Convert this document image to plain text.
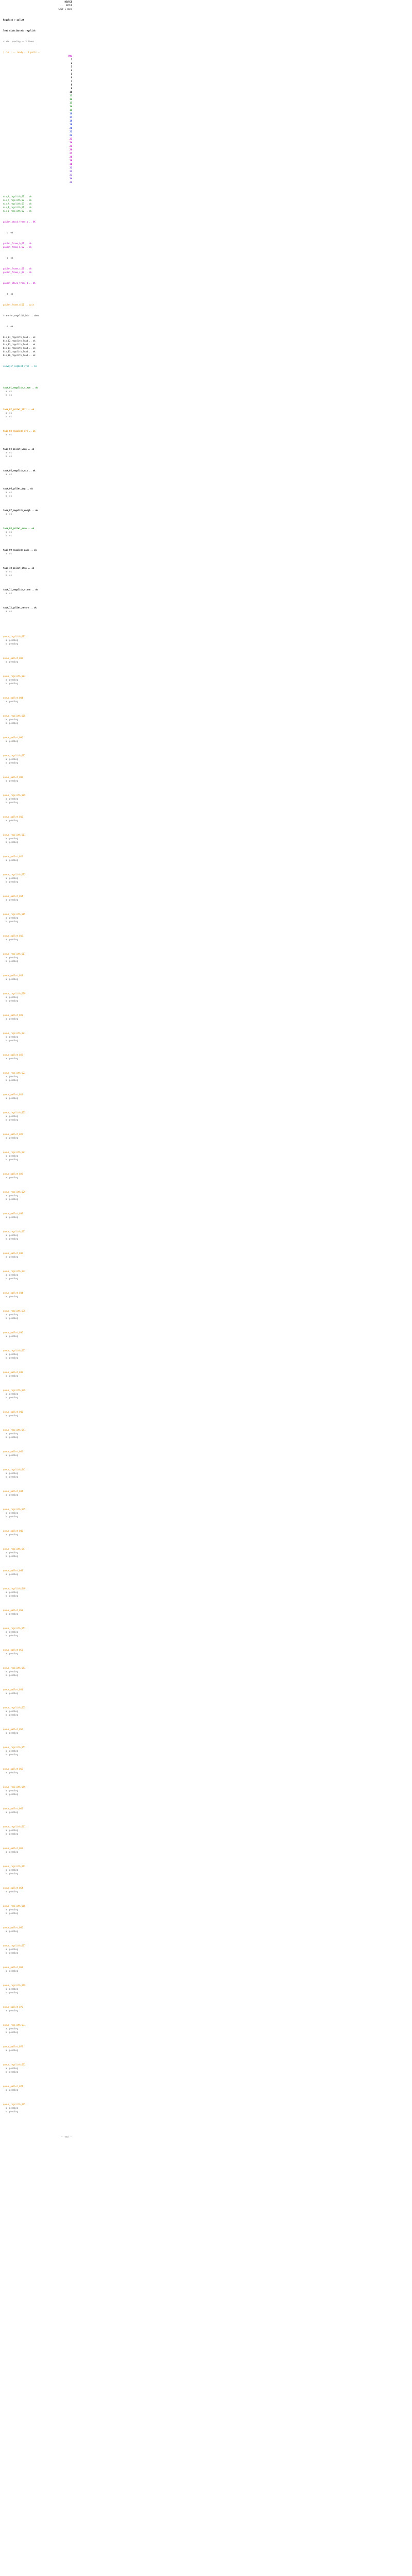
DEVICE
SETUP
STEP 1 done
Regolith + pallet
load distributed: regolith
state: pending -- 3 items
[ run ] -- ready -- 2 parts --
Qty
1
2
3
4
5
6
7
8
9
10
11
12
13
14
15
16
17
18
19
20
21
22
23
24
25
26
27
28
29
30
31
32
33
34
35
mix_A_regolith_01 .. ok
mix_A_regolith_02 .. ok
mix_A_regolith_03 .. ok
mix_B_regolith_01 .. ok
mix_B_regolith_02 .. ok
pallet_stack_frame_a .. OK
b  ok
pallet_frame_b_01 .. ok
pallet_frame_b_02 .. ok
c  ok
pallet_frame_c_01 .. ok
pallet_frame_c_02 .. ok
pallet_stack_frame_d .. OK
d  ok
pallet_frame_d_01 .. wait
transfer_regolith_bin .. done
e  ok
bin_01_regolith_load .. ok
bin_02_regolith_load .. ok
bin_03_regolith_load .. ok
bin_04_regolith_load .. ok
bin_05_regolith_load .. ok
bin_06_regolith_load .. ok
conveyor_segment_sync .. ok
task_01_regolith_sieve .. ok
a  ok
b  ok
task_02_pallet_lift .. ok
a  ok
b  ok
task_03_regolith_dry .. ok
a  ok
task_04_pallet_wrap .. ok
a  ok
b  ok
task_05_regolith_mix .. ok
a  ok
task_06_pallet_tag .. ok
a  ok
b  ok
task_07_regolith_weigh .. ok
a  ok
task_08_pallet_scan .. ok
a  ok
b  ok
task_09_regolith_pack .. ok
a  ok
task_10_pallet_ship .. ok
a  ok
b  ok
task_11_regolith_store .. ok
a  ok
task_12_pallet_return .. ok
a  ok
queue_regolith_001
a  pending
b  pending
queue_pallet_002
a  pending
queue_regolith_003
a  pending
b  pending
queue_pallet_004
a  pending
queue_regolith_005
a  pending
b  pending
queue_pallet_006
a  pending
queue_regolith_007
a  pending
b  pending
queue_pallet_008
a  pending
queue_regolith_009
a  pending
b  pending
queue_pallet_010
a  pending
queue_regolith_011
a  pending
b  pending
queue_pallet_012
a  pending
queue_regolith_013
a  pending
b  pending
queue_pallet_014
a  pending
queue_regolith_015
a  pending
b  pending
queue_pallet_016
a  pending
queue_regolith_017
a  pending
b  pending
queue_pallet_018
a  pending
queue_regolith_019
a  pending
b  pending
queue_pallet_020
a  pending
queue_regolith_021
a  pending
b  pending
queue_pallet_022
a  pending
queue_regolith_023
a  pending
b  pending
queue_pallet_024
a  pending
queue_regolith_025
a  pending
b  pending
queue_pallet_026
a  pending
queue_regolith_027
a  pending
b  pending
queue_pallet_028
a  pending
queue_regolith_029
a  pending
b  pending
queue_pallet_030
a  pending
queue_regolith_031
a  pending
b  pending
queue_pallet_032
a  pending
queue_regolith_033
a  pending
b  pending
queue_pallet_034
a  pending
queue_regolith_035
a  pending
b  pending
queue_pallet_036
a  pending
queue_regolith_037
a  pending
b  pending
queue_pallet_038
a  pending
queue_regolith_039
a  pending
b  pending
queue_pallet_040
a  pending
queue_regolith_041
a  pending
b  pending
queue_pallet_042
a  pending
queue_regolith_043
a  pending
b  pending
queue_pallet_044
a  pending
queue_regolith_045
a  pending
b  pending
queue_pallet_046
a  pending
queue_regolith_047
a  pending
b  pending
queue_pallet_048
a  pending
queue_regolith_049
a  pending
b  pending
queue_pallet_050
a  pending
queue_regolith_051
a  pending
b  pending
queue_pallet_052
a  pending
queue_regolith_053
a  pending
b  pending
queue_pallet_054
a  pending
queue_regolith_055
a  pending
b  pending
queue_pallet_056
a  pending
queue_regolith_057
a  pending
b  pending
queue_pallet_058
a  pending
queue_regolith_059
a  pending
b  pending
queue_pallet_060
a  pending
queue_regolith_061
a  pending
b  pending
queue_pallet_062
a  pending
queue_regolith_063
a  pending
b  pending
queue_pallet_064
a  pending
queue_regolith_065
a  pending
b  pending
queue_pallet_066
a  pending
queue_regolith_067
a  pending
b  pending
queue_pallet_068
a  pending
queue_regolith_069
a  pending
b  pending
queue_pallet_070
a  pending
queue_regolith_071
a  pending
b  pending
queue_pallet_072
a  pending
queue_regolith_073
a  pending
b  pending
queue_pallet_074
a  pending
queue_regolith_075
a  pending
b  pending
-- end --
